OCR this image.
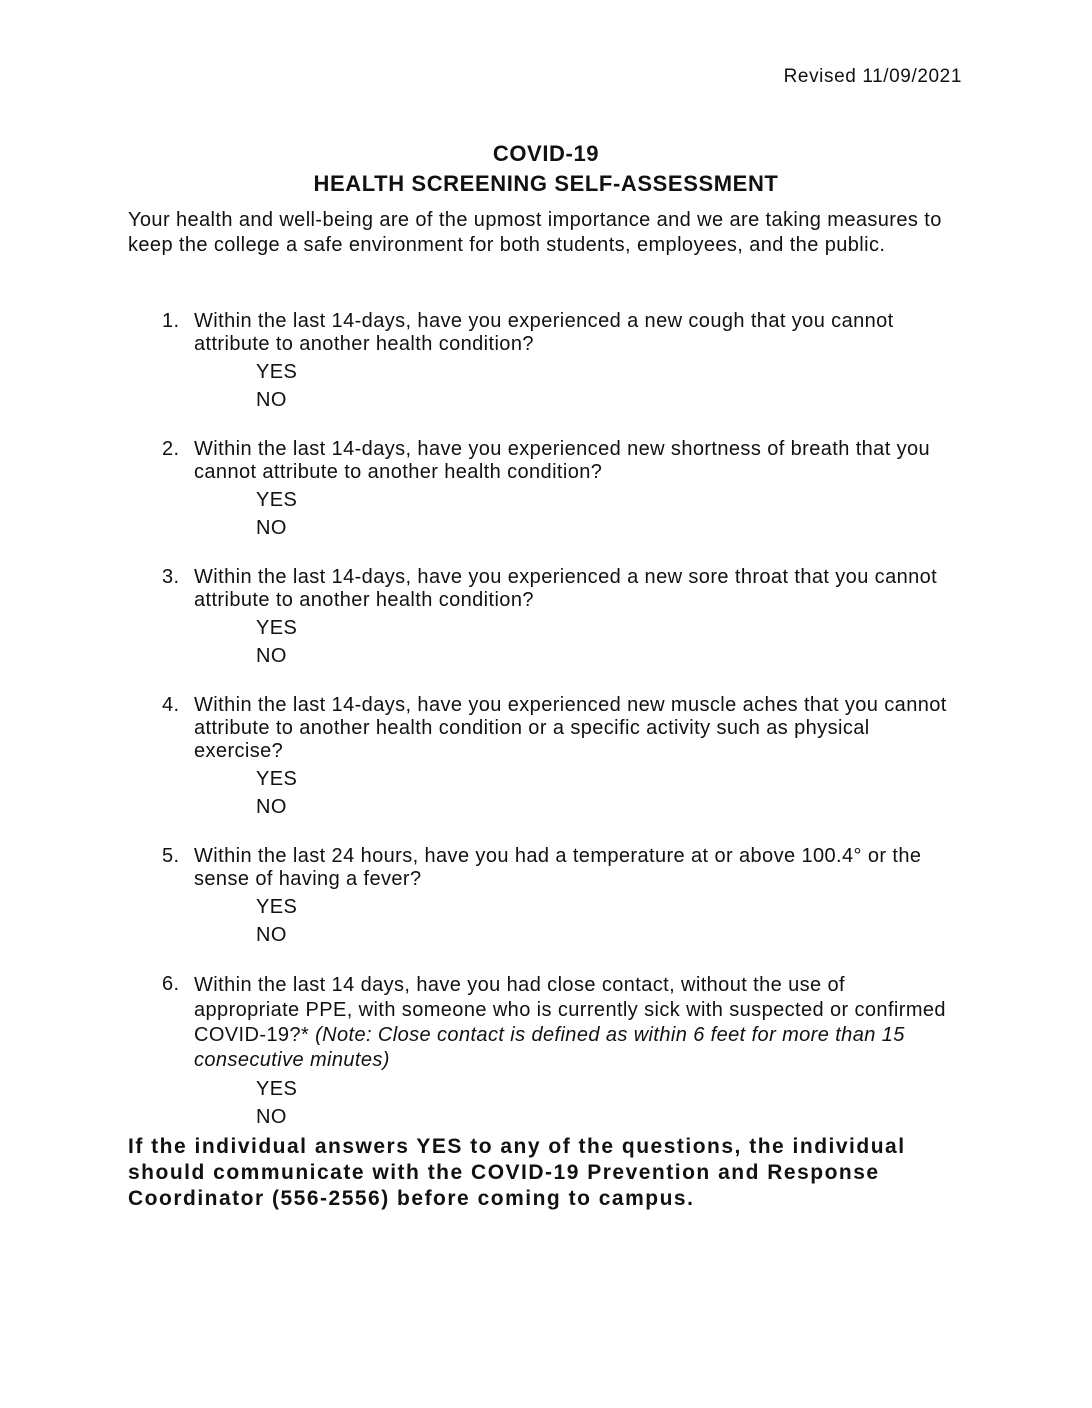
Revised 11/09/2021
COVID-19
HEALTH SCREENING SELF-ASSESSMENT
Your health and well-being are of the upmost importance and we are taking measures to keep the college a safe environment for both students, employees, and the public.
1. Within the last 14-days, have you experienced a new cough that you cannot attribute to another health condition?
YES
NO
2. Within the last 14-days, have you experienced new shortness of breath that you cannot attribute to another health condition?
YES
NO
3. Within the last 14-days, have you experienced a new sore throat that you cannot attribute to another health condition?
YES
NO
4. Within the last 14-days, have you experienced new muscle aches that you cannot attribute to another health condition or a specific activity such as physical exercise?
YES
NO
5. Within the last 24 hours, have you had a temperature at or above 100.4° or the sense of having a fever?
YES
NO
6. Within the last 14 days, have you had close contact, without the use of appropriate PPE, with someone who is currently sick with suspected or confirmed COVID-19?* (Note: Close contact is defined as within 6 feet for more than 15 consecutive minutes)
YES
NO
If the individual answers YES to any of the questions, the individual should communicate with the COVID-19 Prevention and Response Coordinator (556-2556) before coming to campus.
